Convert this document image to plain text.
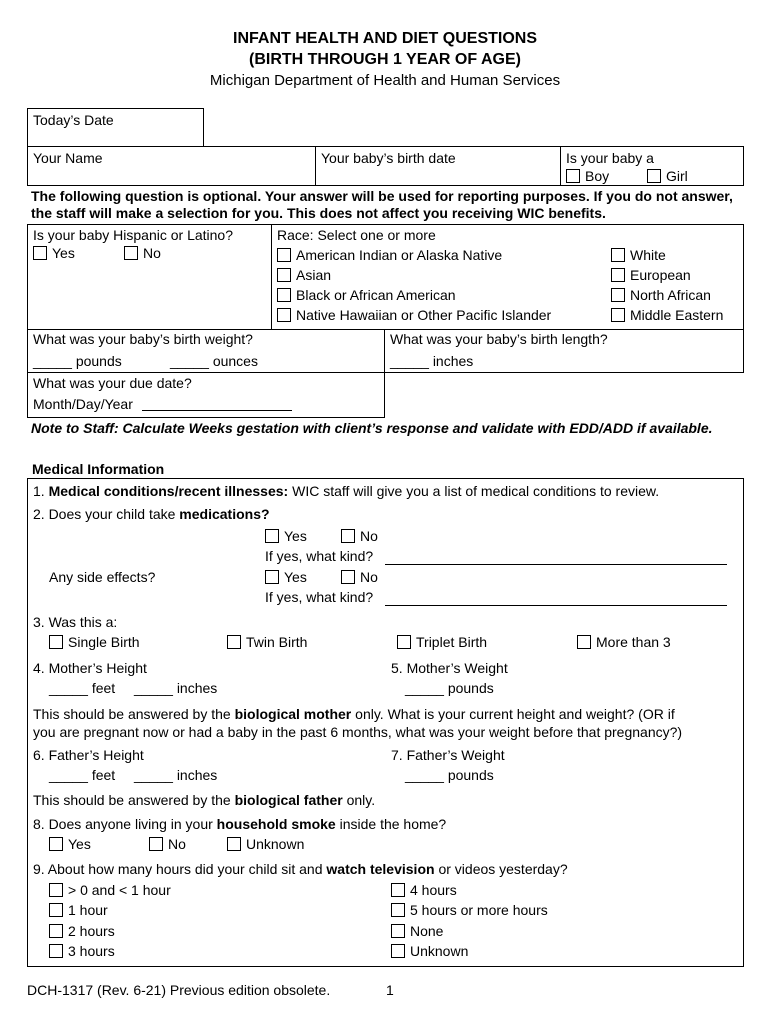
INFANT HEALTH AND DIET QUESTIONS
(BIRTH THROUGH 1 YEAR OF AGE)
Michigan Department of Health and Human Services
Today’s Date
Your Name	Your baby’s birth date	Is your baby a
Boy	Girl
The following question is optional. Your answer will be used for reporting purposes. If you do not answer, the staff will make a selection for you. This does not affect you receiving WIC benefits.
Is your baby Hispanic or Latino?
Yes	No
Race: Select one or more
American Indian or Alaska Native
Asian
Black or African American
Native Hawaiian or Other Pacific Islander
White
European
North African
Middle Eastern
What was your baby’s birth weight?
_____ pounds	_____ ounces
What was your baby’s birth length?
_____ inches
What was your due date?
Month/Day/Year
Note to Staff: Calculate Weeks gestation with client’s response and validate with EDD/ADD if available.
Medical Information
1. Medical conditions/recent illnesses: WIC staff will give you a list of medical conditions to review.
2. Does your child take medications?
Yes	No
If yes, what kind?
Any side effects?	Yes	No
If yes, what kind?
3. Was this a:
Single Birth	Twin Birth	Triplet Birth	More than 3
4. Mother’s Height	5. Mother’s Weight
_____ feet _____ inches	_____ pounds
This should be answered by the biological mother only. What is your current height and weight? (OR if
you are pregnant now or had a baby in the past 6 months, what was your weight before that pregnancy?)
6. Father’s Height	7. Father’s Weight
_____ feet _____ inches	_____ pounds
This should be answered by the biological father only.
8. Does anyone living in your household smoke inside the home?
Yes	No	Unknown
9. About how many hours did your child sit and watch television or videos yesterday?
> 0 and < 1 hour
1 hour
2 hours
3 hours
4 hours
5 hours or more hours
None
Unknown
DCH-1317 (Rev. 6-21) Previous edition obsolete.	1
